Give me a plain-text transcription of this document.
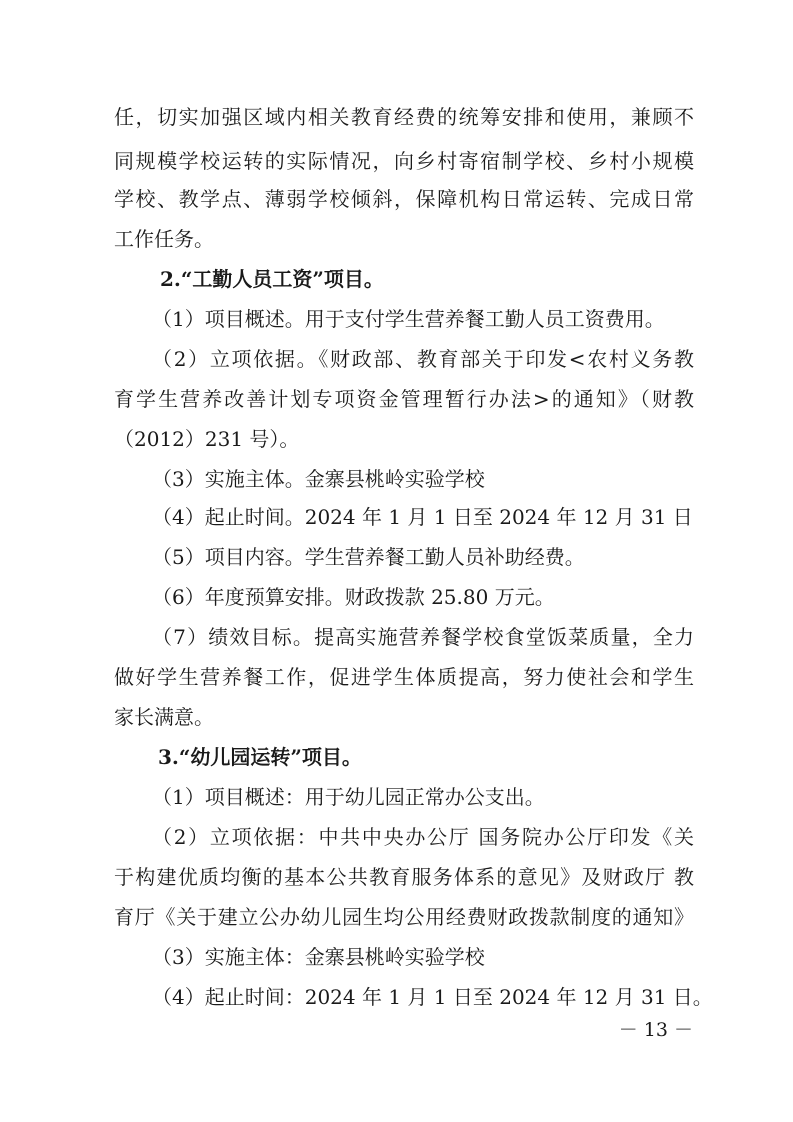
任，切实加强区域内相关教育经费的统筹安排和使用，兼顾不
同规模学校运转的实际情况，向乡村寄宿制学校、乡村小规模
学校、教学点、薄弱学校倾斜，保障机构日常运转、完成日常
工作任务。
2.“工勤人员工资”项目。
（1）项目概述。用于支付学生营养餐工勤人员工资费用。
（2）立项依据。《财政部、教育部关于印发<农村义务教
育学生营养改善计划专项资金管理暂行办法>的通知》（财教
（2012）231 号）。
（3）实施主体。金寨县桃岭实验学校
（4）起止时间。2024 年 1 月 1 日至 2024 年 12 月 31 日
（5）项目内容。学生营养餐工勤人员补助经费。
（6）年度预算安排。财政拨款 25.80 万元。
（7）绩效目标。提高实施营养餐学校食堂饭菜质量，全力
做好学生营养餐工作，促进学生体质提高，努力使社会和学生
家长满意。
3.“幼儿园运转”项目。
（1）项目概述：用于幼儿园正常办公支出。
（2）立项依据：中共中央办公厅 国务院办公厅印发《关
于构建优质均衡的基本公共教育服务体系的意见》及财政厅 教
育厅《关于建立公办幼儿园生均公用经费财政拨款制度的通知》
（3）实施主体：金寨县桃岭实验学校
（4）起止时间：2024 年 1 月 1 日至 2024 年 12 月 31 日。
－ 13 －
